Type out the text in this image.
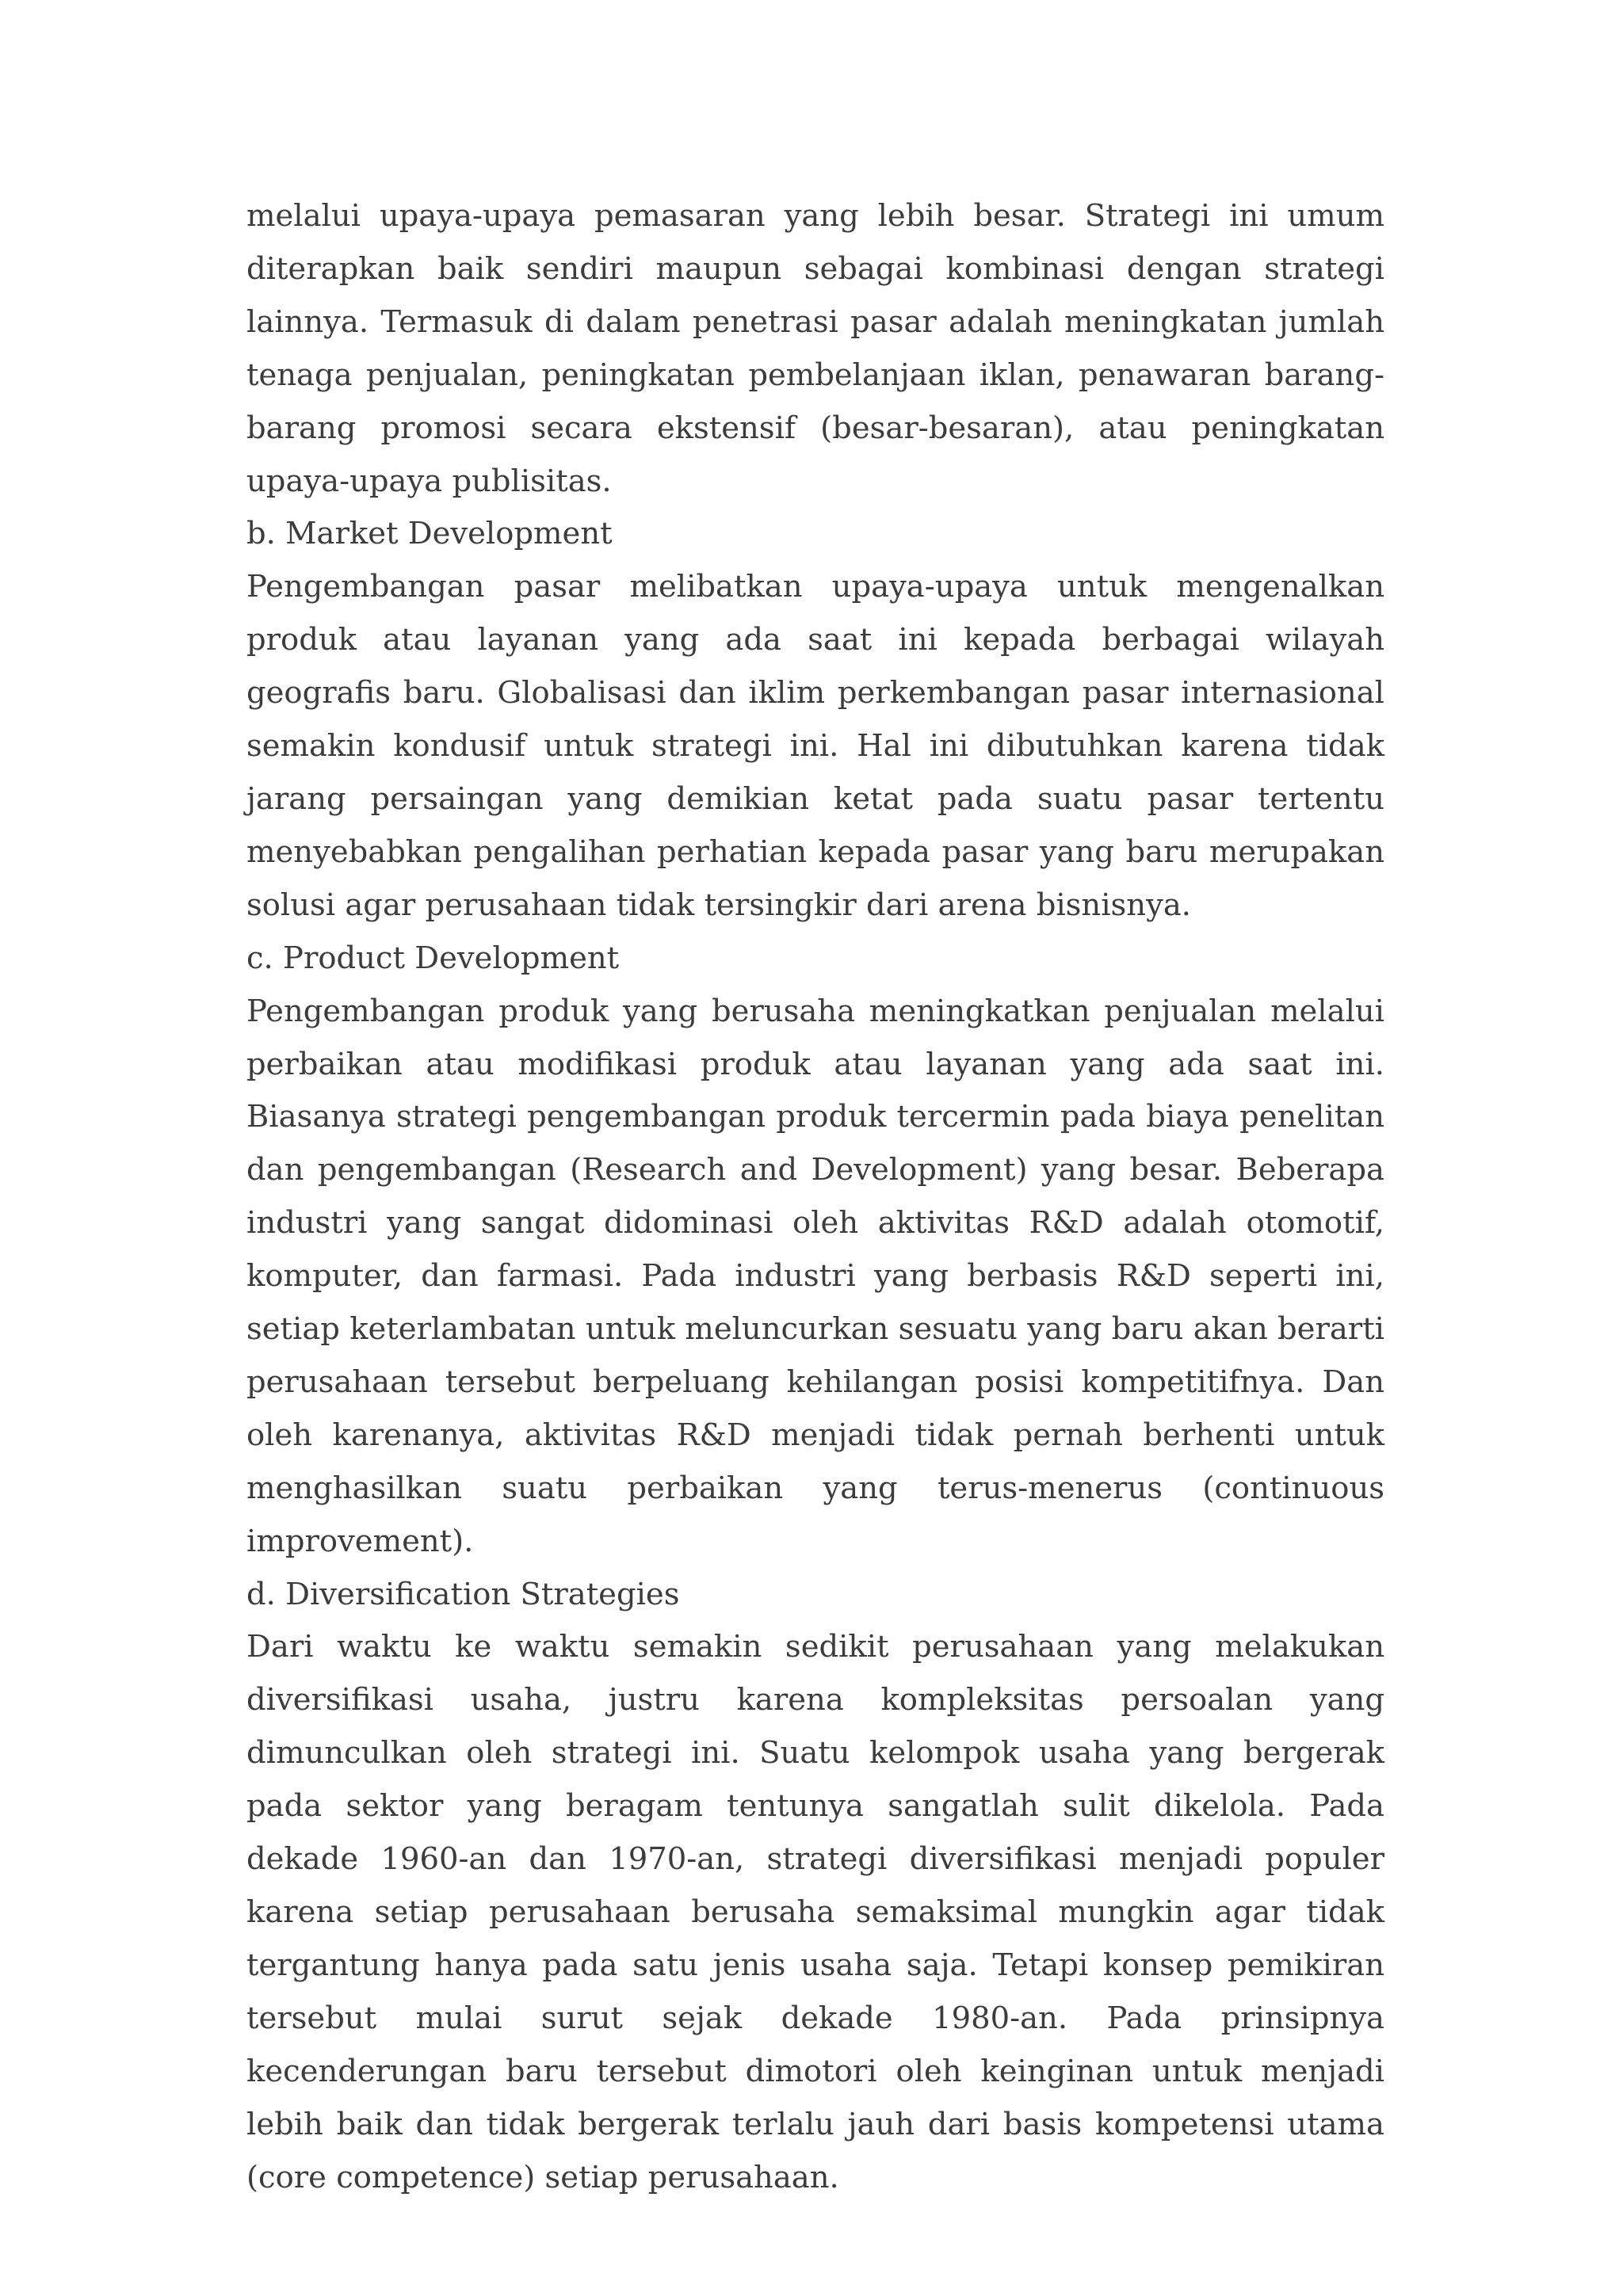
melalui upaya-upaya pemasaran yang lebih besar. Strategi ini umum diterapkan baik sendiri maupun sebagai kombinasi dengan strategi lainnya. Termasuk di dalam penetrasi pasar adalah meningkatan jumlah tenaga penjualan, peningkatan pembelanjaan iklan, penawaran barang-barang promosi secara ekstensif (besar-besaran), atau peningkatan upaya-upaya publisitas.

b. Market Development

Pengembangan pasar melibatkan upaya-upaya untuk mengenalkan produk atau layanan yang ada saat ini kepada berbagai wilayah geografis baru. Globalisasi dan iklim perkembangan pasar internasional semakin kondusif untuk strategi ini. Hal ini dibutuhkan karena tidak jarang persaingan yang demikian ketat pada suatu pasar tertentu menyebabkan pengalihan perhatian kepada pasar yang baru merupakan solusi agar perusahaan tidak tersingkir dari arena bisnisnya.

c. Product Development

Pengembangan produk yang berusaha meningkatkan penjualan melalui perbaikan atau modifikasi produk atau layanan yang ada saat ini. Biasanya strategi pengembangan produk tercermin pada biaya penelitan dan pengembangan (Research and Development) yang besar. Beberapa industri yang sangat didominasi oleh aktivitas R&D adalah otomotif, komputer, dan farmasi. Pada industri yang berbasis R&D seperti ini, setiap keterlambatan untuk meluncurkan sesuatu yang baru akan berarti perusahaan tersebut berpeluang kehilangan posisi kompetitifnya. Dan oleh karenanya, aktivitas R&D menjadi tidak pernah berhenti untuk menghasilkan suatu perbaikan yang terus-menerus (continuous improvement).

d. Diversification Strategies

Dari waktu ke waktu semakin sedikit perusahaan yang melakukan diversifikasi usaha, justru karena kompleksitas persoalan yang dimunculkan oleh strategi ini. Suatu kelompok usaha yang bergerak pada sektor yang beragam tentunya sangatlah sulit dikelola. Pada dekade 1960-an dan 1970-an, strategi diversifikasi menjadi populer karena setiap perusahaan berusaha semaksimal mungkin agar tidak tergantung hanya pada satu jenis usaha saja. Tetapi konsep pemikiran tersebut mulai surut sejak dekade 1980-an. Pada prinsipnya kecenderungan baru tersebut dimotori oleh keinginan untuk menjadi lebih baik dan tidak bergerak terlalu jauh dari basis kompetensi utama (core competence) setiap perusahaan.
